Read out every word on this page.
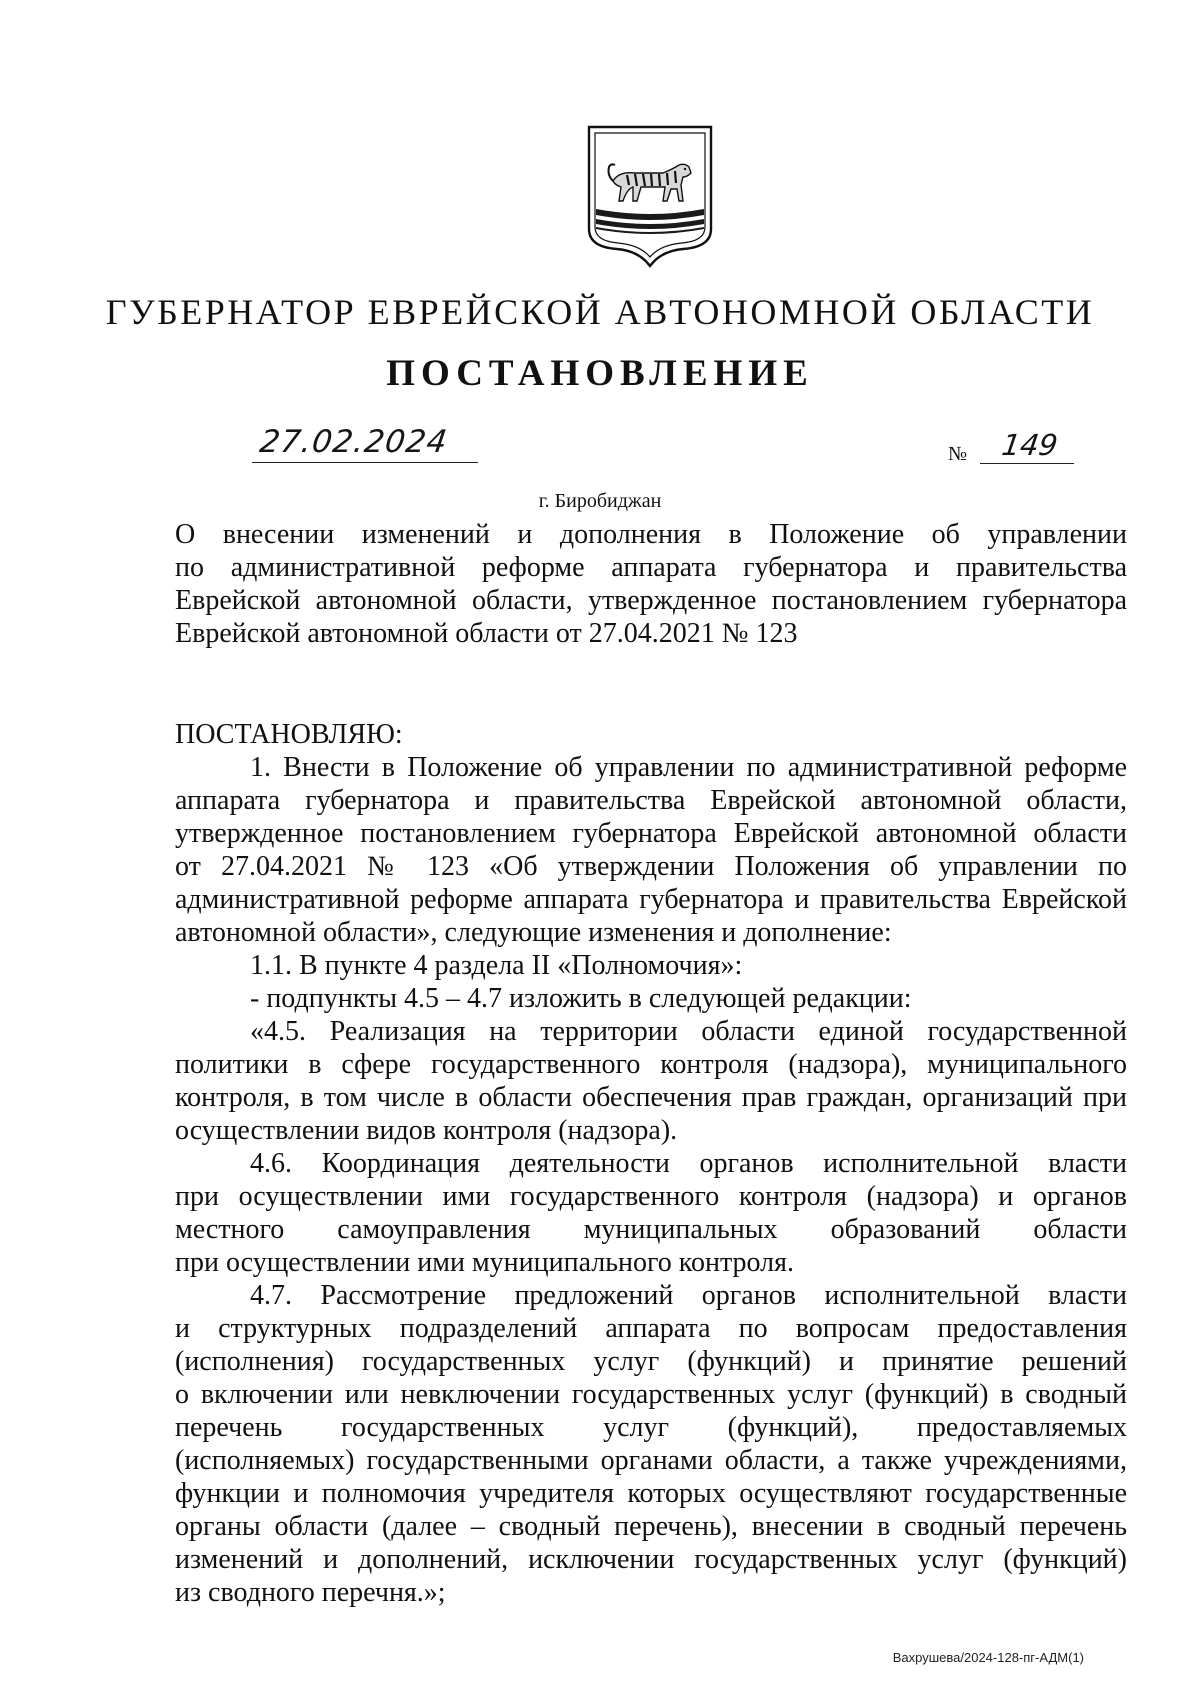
ГУБЕРНАТОР ЕВРЕЙСКОЙ АВТОНОМНОЙ ОБЛАСТИ
ПОСТАНОВЛЕНИЕ
27.02.2024	№ 149
г. Биробиджан
О внесении изменений и дополнения в Положение об управлении
по административной реформе аппарата губернатора и правительства
Еврейской автономной области, утвержденное постановлением губернатора
Еврейской автономной области от 27.04.2021 № 123
ПОСТАНОВЛЯЮ:
1. Внести в Положение об управлении по административной реформе
аппарата губернатора и правительства Еврейской автономной области,
утвержденное постановлением губернатора Еврейской автономной области
от 27.04.2021 № 123 «Об утверждении Положения об управлении по
административной реформе аппарата губернатора и правительства Еврейской
автономной области», следующие изменения и дополнение:
1.1. В пункте 4 раздела II «Полномочия»:
- подпункты 4.5 – 4.7 изложить в следующей редакции:
«4.5. Реализация на территории области единой государственной
политики в сфере государственного контроля (надзора), муниципального
контроля, в том числе в области обеспечения прав граждан, организаций при
осуществлении видов контроля (надзора).
4.6. Координация деятельности органов исполнительной власти
при осуществлении ими государственного контроля (надзора) и органов
местного самоуправления муниципальных образований области
при осуществлении ими муниципального контроля.
4.7. Рассмотрение предложений органов исполнительной власти
и структурных подразделений аппарата по вопросам предоставления
(исполнения) государственных услуг (функций) и принятие решений
о включении или невключении государственных услуг (функций) в сводный
перечень государственных услуг (функций), предоставляемых
(исполняемых) государственными органами области, а также учреждениями,
функции и полномочия учредителя которых осуществляют государственные
органы области (далее – сводный перечень), внесении в сводный перечень
изменений и дополнений, исключении государственных услуг (функций)
из сводного перечня.»;
Вахрушева/2024-128-пг-АДМ(1)
